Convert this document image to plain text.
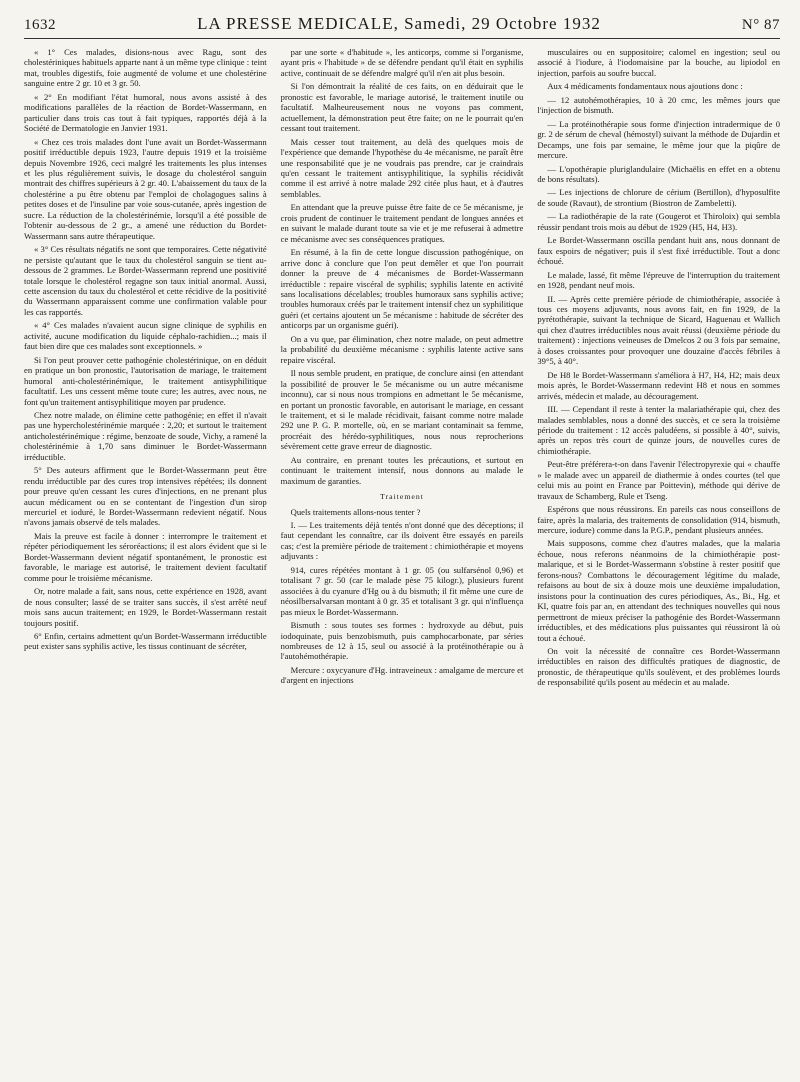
1632	LA PRESSE MEDICALE, Samedi, 29 Octobre 1932	N° 87

« 1° Ces malades, disions-nous avec Ragu, sont des cholestériniques habituels apparte nant à un même type clinique : teint mat, troubles digestifs, foie augmenté de volume et une cholestérine sanguine entre 2 gr. 10 et 3 gr. 50.

« 2° En modifiant l'état humoral, nous avons assisté à des modifications parallèles de la réaction de Bordet-Wassermann, en particulier dans trois cas tout à fait typiques, rapportés déjà à la Société de Dermatologie en Janvier 1931.

« Chez ces trois malades dont l'une avait un Bordet-Wassermann positif irréductible depuis 1923, l'autre depuis 1919 et la troisième depuis Novembre 1926, ceci malgré les traitements les plus intenses et les plus régulièrement suivis, le dosage du cholestérol sanguin montrait des chiffres supérieurs à 2 gr. 40. L'abaissement du taux de la cholestérine a pu être obtenu par l'emploi de cholagogues salins à petites doses et de l'insuline par voie sous-cutanée, après ingestion de sucre. La réduction de la cholestérinémie, lorsqu'il a été possible de l'obtenir au-dessous de 2 gr., a amené une réduction du Bordet-Wassermann sans autre thérapeutique.

« 3° Ces résultats négatifs ne sont que temporaires. Cette négativité ne persiste qu'autant que le taux du cholestérol sanguin se tient au-dessous de 2 grammes. Le Bordet-Wassermann reprend une positivité totale lorsque le cholestérol regagne son taux initial anormal. Aussi, cette ascension du taux du cholestérol et cette récidive de la positivité du Wassermann apparaissent comme une confirmation valable pour les cas rapportés.

« 4° Ces malades n'avaient aucun signe clinique de syphilis en activité, aucune modification du liquide céphalo-rachidien...; mais il faut bien dire que ces malades sont exceptionnels. »

Si l'on peut prouver cette pathogénie cholestérinique, on en déduit en pratique un bon pronostic, l'autorisation de mariage, le traitement humoral anti-cholestérinémique, le traitement antisyphilitique facultatif. Les uns cessent même toute cure; les autres, avec nous, ne font qu'un traitement antisyphilitique moyen par prudence.

Chez notre malade, on élimine cette pathogénie; en effet il n'avait pas une hypercholestérinémie marquée : 2,20; et surtout le traitement anticholestérinémique : régime, benzoate de soude, Vichy, a ramené la cholestérinémie à 1,70 sans diminuer le Bordet-Wassermann irréductible.

5° Des auteurs affirment que le Bordet-Wassermann peut être rendu irréductible par des cures trop intensives répétées; ils donnent pour preuve qu'en cessant les cures d'injections, en ne prenant plus aucun médicament ou en se contentant de l'ingestion d'un sirop mercuriel et ioduré, le Bordet-Wassermann redevient négatif. Nous n'avons jamais observé de tels malades.

Mais la preuve est facile à donner : interrompre le traitement et répéter périodiquement les séroréactions; il est alors évident que si le Bordet-Wassermann devient négatif spontanément, le pronostic est favorable, le mariage est autorisé, le traitement devient facultatif comme pour le troisième mécanisme.

Or, notre malade a fait, sans nous, cette expérience en 1928, avant de nous consulter; lassé de se traiter sans succès, il s'est arrêté neuf mois sans aucun traitement; en 1929, le Bordet-Wassermann restait toujours positif.

6° Enfin, certains admettent qu'un Bordet-Wassermann irréductible peut exister sans syphilis active, les tissus continuant de sécréter,

par une sorte « d'habitude », les anticorps, comme si l'organisme, ayant pris « l'habitude » de se défendre pendant qu'il était en syphilis active, continuait de se défendre malgré qu'il n'en ait plus besoin.

Si l'on démontrait la réalité de ces faits, on en déduirait que le pronostic est favorable, le mariage autorisé, le traitement inutile ou facultatif. Malheureusement nous ne voyons pas comment, actuellement, la démonstration peut être faite; on ne le pourrait qu'en cessant tout traitement.

Mais cesser tout traitement, au delà des quelques mois de l'expérience que demande l'hypothèse du 4e mécanisme, ne paraît être une responsabilité que je ne voudrais pas prendre, car je craindrais qu'en cessant le traitement antisyphilitique, la syphilis récidivât comme il est arrivé à notre malade 292 citée plus haut, et à d'autres semblables.

En attendant que la preuve puisse être faite de ce 5e mécanisme, je crois prudent de continuer le traitement pendant de longues années et en suivant le malade durant toute sa vie et je me refuserai à admettre ce mécanisme avec ses conséquences pratiques.

En résumé, à la fin de cette longue discussion pathogénique, on arrive donc à conclure que l'on peut demêler et que l'on pourrait donner la preuve de 4 mécanismes de Bordet-Wassermann irréductible : repaire viscéral de syphilis; syphilis latente en activité sans localisations décelables; troubles humoraux sans syphilis active; troubles humoraux créés par le traitement intensif chez un syphilitique guéri (et certains ajoutent un 5e mécanisme : habitude de sécréter des anticorps par un organisme guéri).

On a vu que, par élimination, chez notre malade, on peut admettre la probabilité du deuxième mécanisme : syphilis latente active sans repaire viscéral.

Il nous semble prudent, en pratique, de conclure ainsi (en attendant la possibilité de prouver le 5e mécanisme ou un autre mécanisme inconnu), car si nous nous trompions en admettant le 5e mécanisme, en portant un pronostic favorable, en autorisant le mariage, en cessant le traitement, et si le malade récidivait, faisant comme notre malade 292 une P. G. P. mortelle, où, en se mariant contaminait sa femme, procréait des hérédo-syphilitiques, nous nous reprocherions sévèrement cette grave erreur de diagnostic.

Au contraire, en prenant toutes les précautions, et surtout en continuant le traitement intensif, nous donnons au malade le maximum de garanties.

Traitement

Quels traitements allons-nous tenter ?

I. — Les traitements déjà tentés n'ont donné que des déceptions; il faut cependant les connaître, car ils doivent être essayés en pareils cas; c'est la première période de traitement : chimiothérapie et moyens adjuvants :

914, cures répétées montant à 1 gr. 05 (ou sulfarsénol 0,96) et totalisant 7 gr. 50 (car le malade pèse 75 kilogr.), plusieurs furent associées à du cyanure d'Hg ou à du bismuth; il fit même une cure de néosilbersalvarsan montant à 0 gr. 35 et totalisant 3 gr. qui n'influença pas mieux le Bordet-Wassermann.

Bismuth : sous toutes ses formes : hydroxyde au début, puis iodoquinate, puis benzobismuth, puis camphocarbonate, par séries nombreuses de 12 à 15, seul ou associé à la protéinothérapie ou à l'autohémothérapie.

Mercure : oxycyanure d'Hg. intraveineux : amalgame de mercure et d'argent en injections

musculaires ou en suppositoire; calomel en ingestion; seul ou associé à l'iodure, à l'iodomaisine par la bouche, au lipiodol en injection, parfois au soufre buccal.

Aux 4 médicaments fondamentaux nous ajoutions donc :

— 12 autohémothérapies, 10 à 20 cmc, les mêmes jours que l'injection de bismuth.

— La protéinothérapie sous forme d'injection intradermique de 0 gr. 2 de sérum de cheval (hémostyl) suivant la méthode de Dujardin et Decamps, une fois par semaine, le même jour que la piqûre de mercure.

— L'opothérapie pluriglandulaire (Michaëlis en effet en a obtenu de bons résultats).

— Les injections de chlorure de cérium (Bertillon), d'hyposulfite de soude (Ravaut), de strontium (Biostron de Zambeletti).

— La radiothérapie de la rate (Gougerot et Thiroloix) qui sembla réussir pendant trois mois au début de 1929 (H5, H4, H3).

Le Bordet-Wassermann oscilla pendant huit ans, nous donnant de faux espoirs de négativer; puis il s'est fixé irréductible. Tout a donc échoué.

Le malade, lassé, fit même l'épreuve de l'interruption du traitement en 1928, pendant neuf mois.

II. — Après cette première période de chimiothérapie, associée à tous ces moyens adjuvants, nous avons fait, en fin 1929, de la pyrétothérapie, suivant la technique de Sicard, Haguenau et Wallich qui chez d'autres irréductibles nous avait réussi (deuxième période du traitement) : injections veineuses de Dmelcos 2 ou 3 fois par semaine, à doses croissantes pour provoquer une douzaine d'accès fébriles à 39°5, à 40°.

De H8 le Bordet-Wassermann s'améliora à H7, H4, H2; mais deux mois après, le Bordet-Wassermann redevint H8 et nous en sommes arrivés, médecin et malade, au découragement.

III. — Cependant il reste à tenter la malariathérapie qui, chez des malades semblables, nous a donné des succès, et ce sera la troisième période du traitement : 12 accès paludéens, si possible à 40°, suivis, après un repos très court de quinze jours, de nouvelles cures de chimiothérapie.

Peut-être préférera-t-on dans l'avenir l'électropyrexie qui « chauffe » le malade avec un appareil de diathermie à ondes courtes (tel que celui mis au point en France par Poittevin), méthode qui dérive de travaux de Schamberg, Rule et Tseng.

Espérons que nous réussirons. En pareils cas nous conseillons de faire, après la malaria, des traitements de consolidation (914, bismuth, mercure, iodure) comme dans la P.G.P., pendant plusieurs années.

Mais supposons, comme chez d'autres malades, que la malaria échoue, nous referons néanmoins de la chimiothérapie post-malarique, et si le Bordet-Wassermann s'obstine à rester positif que ferons-nous? Combattons le découragement légitime du malade, refaisons au bout de six à douze mois une deuxième impaludation, insistons pour la continuation des cures périodiques, As., Bi., Hg. et KI, quatre fois par an, en attendant des techniques nouvelles qui nous permettront de mieux préciser la pathogénie des Bordet-Wassermann irréductibles, et des médications plus puissantes qui réussiront là où tout a échoué.

On voit la nécessité de connaître ces Bordet-Wassermann irréductibles en raison des difficultés pratiques de diagnostic, de pronostic, de thérapeutique qu'ils soulèvent, et des problèmes lourds de responsabilité qu'ils posent au médecin et au malade.
